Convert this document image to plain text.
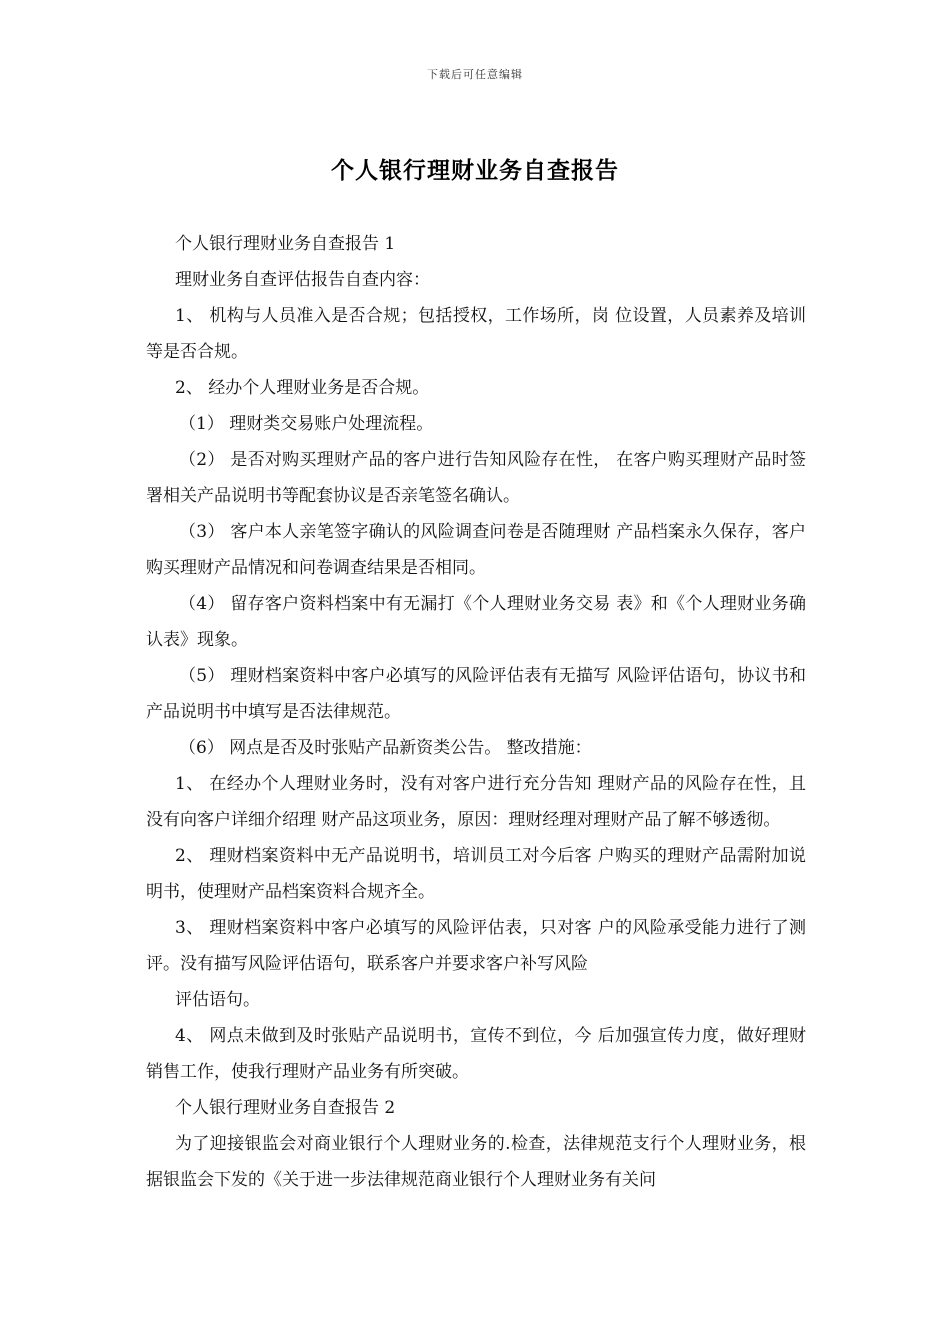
下载后可任意编辑
个人银行理财业务自查报告

个人银行理财业务自查报告 1

理财业务自查评估报告自查内容：

1、 机构与人员准入是否合规；包括授权，工作场所，岗 位设置，人员素养及培训等是否合规。

2、 经办个人理财业务是否合规。

（1） 理财类交易账户处理流程。

（2） 是否对购买理财产品的客户进行告知风险存在性， 在客户购买理财产品时签署相关产品说明书等配套协议是否亲笔签名确认。

（3） 客户本人亲笔签字确认的风险调查问卷是否随理财 产品档案永久保存，客户购买理财产品情况和问卷调查结果是否相同。

（4） 留存客户资料档案中有无漏打《个人理财业务交易 表》和《个人理财业务确认表》现象。

（5） 理财档案资料中客户必填写的风险评估表有无描写 风险评估语句，协议书和产品说明书中填写是否法律规范。

（6） 网点是否及时张贴产品新资类公告。 整改措施：

1、 在经办个人理财业务时，没有对客户进行充分告知 理财产品的风险存在性，且没有向客户详细介绍理 财产品这项业务，原因：理财经理对理财产品了解不够透彻。

2、 理财档案资料中无产品说明书，培训员工对今后客 户购买的理财产品需附加说明书，使理财产品档案资料合规齐全。

3、 理财档案资料中客户必填写的风险评估表，只对客 户的风险承受能力进行了测评。没有描写风险评估语句，联系客户并要求客户补写风险

评估语句。

4、 网点未做到及时张贴产品说明书，宣传不到位，今 后加强宣传力度，做好理财销售工作，使我行理财产品业务有所突破。

个人银行理财业务自查报告 2

为了迎接银监会对商业银行个人理财业务的.检查，法律规范支行个人理财业务，根据银监会下发的《关于进一步法律规范商业银行个人理财业务有关问
